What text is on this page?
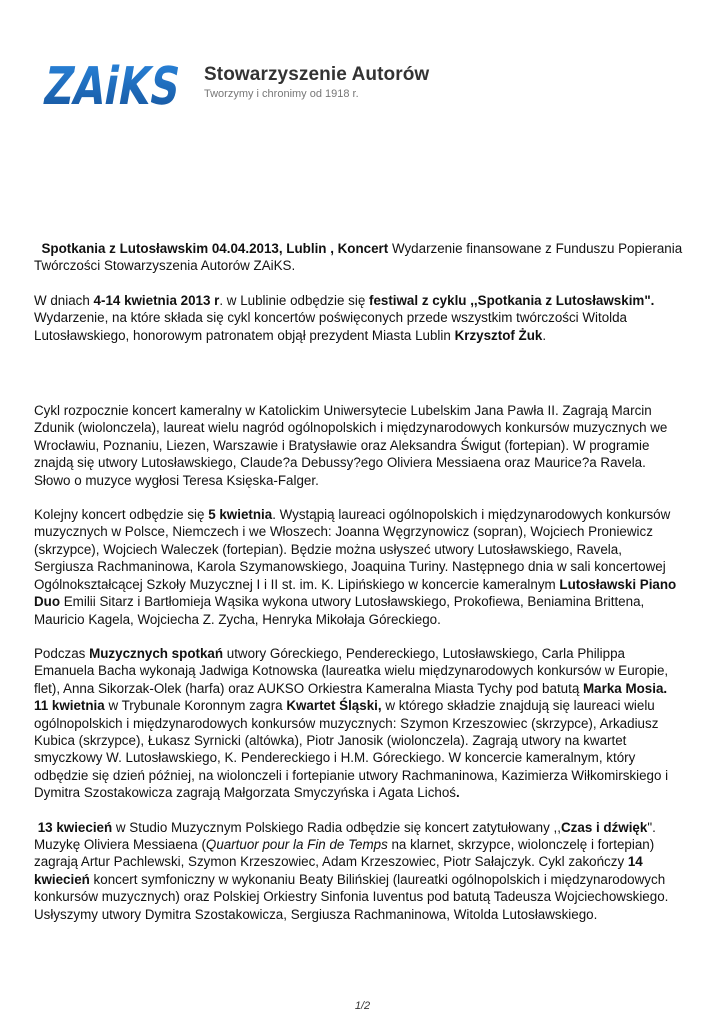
ZAiKS
Stowarzyszenie Autorów
Tworzymy i chronimy od 1918 r.

Spotkania z Lutosławskim 04.04.2013, Lublin , Koncert Wydarzenie finansowane z Funduszu Popierania Twórczości Stowarzyszenia Autorów ZAiKS.

W dniach 4-14 kwietnia 2013 r. w Lublinie odbędzie się festiwal z cyklu ,,Spotkania z Lutosławskim". Wydarzenie, na które składa się cykl koncertów poświęconych przede wszystkim twórczości Witolda Lutosławskiego, honorowym patronatem objął prezydent Miasta Lublin Krzysztof Żuk.

Cykl rozpocznie koncert kameralny w Katolickim Uniwersytecie Lubelskim Jana Pawła II. Zagrają Marcin Zdunik (wiolonczela), laureat wielu nagród ogólnopolskich i międzynarodowych konkursów muzycznych we Wrocławiu, Poznaniu, Liezen, Warszawie i Bratysławie oraz Aleksandra Świgut (fortepian). W programie znajdą się utwory Lutosławskiego, Claude?a Debussy?ego Oliviera Messiaena oraz Maurice?a Ravela. Słowo o muzyce wygłosi Teresa Księska-Falger.

Kolejny koncert odbędzie się 5 kwietnia. Wystąpią laureaci ogólnopolskich i międzynarodowych konkursów muzycznych w Polsce, Niemczech i we Włoszech: Joanna Węgrzynowicz (sopran), Wojciech Proniewicz (skrzypce), Wojciech Waleczek (fortepian). Będzie można usłyszeć utwory Lutosławskiego, Ravela, Sergiusza Rachmaninowa, Karola Szymanowskiego, Joaquina Turiny. Następnego dnia w sali koncertowej Ogólnokształcącej Szkoły Muzycznej I i II st. im. K. Lipińskiego w koncercie kameralnym Lutosławski Piano Duo Emilii Sitarz i Bartłomieja Wąsika wykona utwory Lutosławskiego, Prokofiewa, Beniamina Brittena, Mauricio Kagela, Wojciecha Z. Zycha, Henryka Mikołaja Góreckiego.

Podczas Muzycznych spotkań utwory Góreckiego, Pendereckiego, Lutosławskiego, Carla Philippa Emanuela Bacha wykonają Jadwiga Kotnowska (laureatka wielu międzynarodowych konkursów w Europie, flet), Anna Sikorzak-Olek (harfa) oraz AUKSO Orkiestra Kameralna Miasta Tychy pod batutą Marka Mosia.
11 kwietnia w Trybunale Koronnym zagra Kwartet Śląski, w którego składzie znajdują się laureaci wielu ogólnopolskich i międzynarodowych konkursów muzycznych: Szymon Krzeszowiec (skrzypce), Arkadiusz Kubica (skrzypce), Łukasz Syrnicki (altówka), Piotr Janosik (wiolonczela). Zagrają utwory na kwartet smyczkowy W. Lutosławskiego, K. Pendereckiego i H.M. Góreckiego. W koncercie kameralnym, który odbędzie się dzień później, na wiolonczeli i fortepianie utwory Rachmaninowa, Kazimierza Wiłkomirskiego i Dymitra Szostakowicza zagrają Małgorzata Smyczyńska i Agata Lichoś.

13 kwiecień w Studio Muzycznym Polskiego Radia odbędzie się koncert zatytułowany ,,Czas i dźwięk". Muzykę Oliviera Messiaena (Quartuor pour la Fin de Temps na klarnet, skrzypce, wiolonczelę i fortepian) zagrają Artur Pachlewski, Szymon Krzeszowiec, Adam Krzeszowiec, Piotr Sałajczyk. Cykl zakończy 14 kwiecień koncert symfoniczny w wykonaniu Beaty Bilińskiej (laureatki ogólnopolskich i międzynarodowych konkursów muzycznych) oraz Polskiej Orkiestry Sinfonia Iuventus pod batutą Tadeusza Wojciechowskiego. Usłyszymy utwory Dymitra Szostakowicza, Sergiusza Rachmaninowa, Witolda Lutosławskiego.

1/2
